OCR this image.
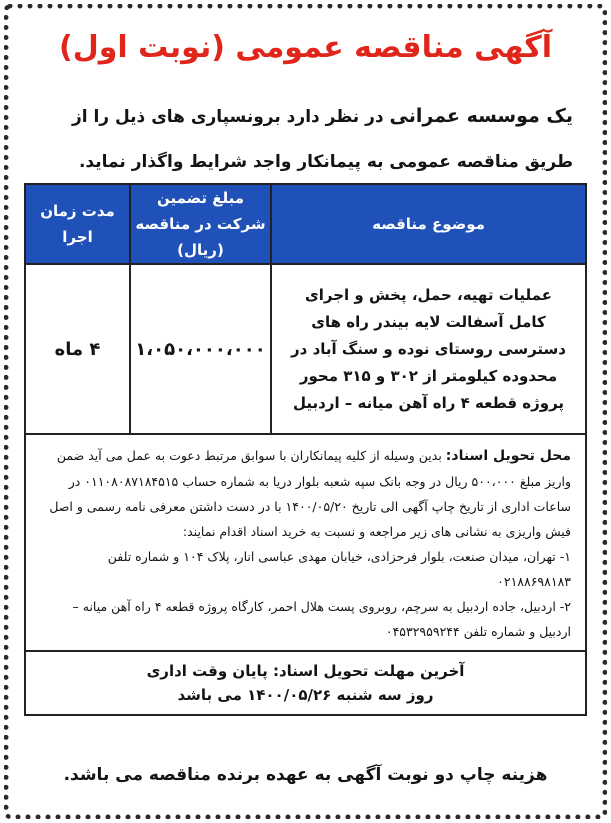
آگهی مناقصه عمومی (نوبت اول)
یک موسسه عمرانی در نظر دارد برونسپاری های ذیل را از طریق مناقصه عمومی به پیمانکار واجد شرایط واگذار نماید.
موضوع مناقصه	مبلغ تضمین شرکت در مناقصه (ریال)	مدت زمان اجرا
عملیات تهیه، حمل، پخش و اجرای کامل آسفالت لایه بیندر راه های دسترسی روستای نوده و سنگ آباد در محدوده کیلومتر از ۳۰۲ و ۳۱۵ محور پروژه قطعه ۴ راه آهن میانه – اردبیل	۱،۰۵۰،۰۰۰،۰۰۰	۴ ماه

محل تحویل اسناد: بدین وسیله از کلیه پیمانکاران با سوابق مرتبط دعوت به عمل می آید ضمن واریز مبلغ ۵۰۰،۰۰۰ ریال در وجه بانک سپه شعبه بلوار دریا به شماره حساب ۰۱۱۰۸۰۸۷۱۸۴۵۱۵ در ساعات اداری از تاریخ چاپ آگهی الی تاریخ ۱۴۰۰/۰۵/۲۰ با در دست داشتن معرفی نامه رسمی و اصل فیش واریزی به نشانی های زیر مراجعه و نسبت به خرید اسناد اقدام نمایند:

۱- تهران، میدان صنعت، بلوار فرحزادی، خیابان مهدی عباسی انار، پلاک ۱۰۴ و شماره تلفن ۰۲۱۸۸۶۹۸۱۸۳

۲- اردبیل، جاده اردبیل به سرچم، روبروی پست هلال احمر، کارگاه پروژه قطعه ۴ راه آهن میانه – اردبیل و شماره تلفن ۰۴۵۳۲۹۵۹۲۴۴		

آخرین مهلت تحویل اسناد: پایان وقت اداری
روز سه شنبه ۱۴۰۰/۰۵/۲۶ می باشد		
هزینه چاپ دو نوبت آگهی به عهده برنده مناقصه می باشد.
